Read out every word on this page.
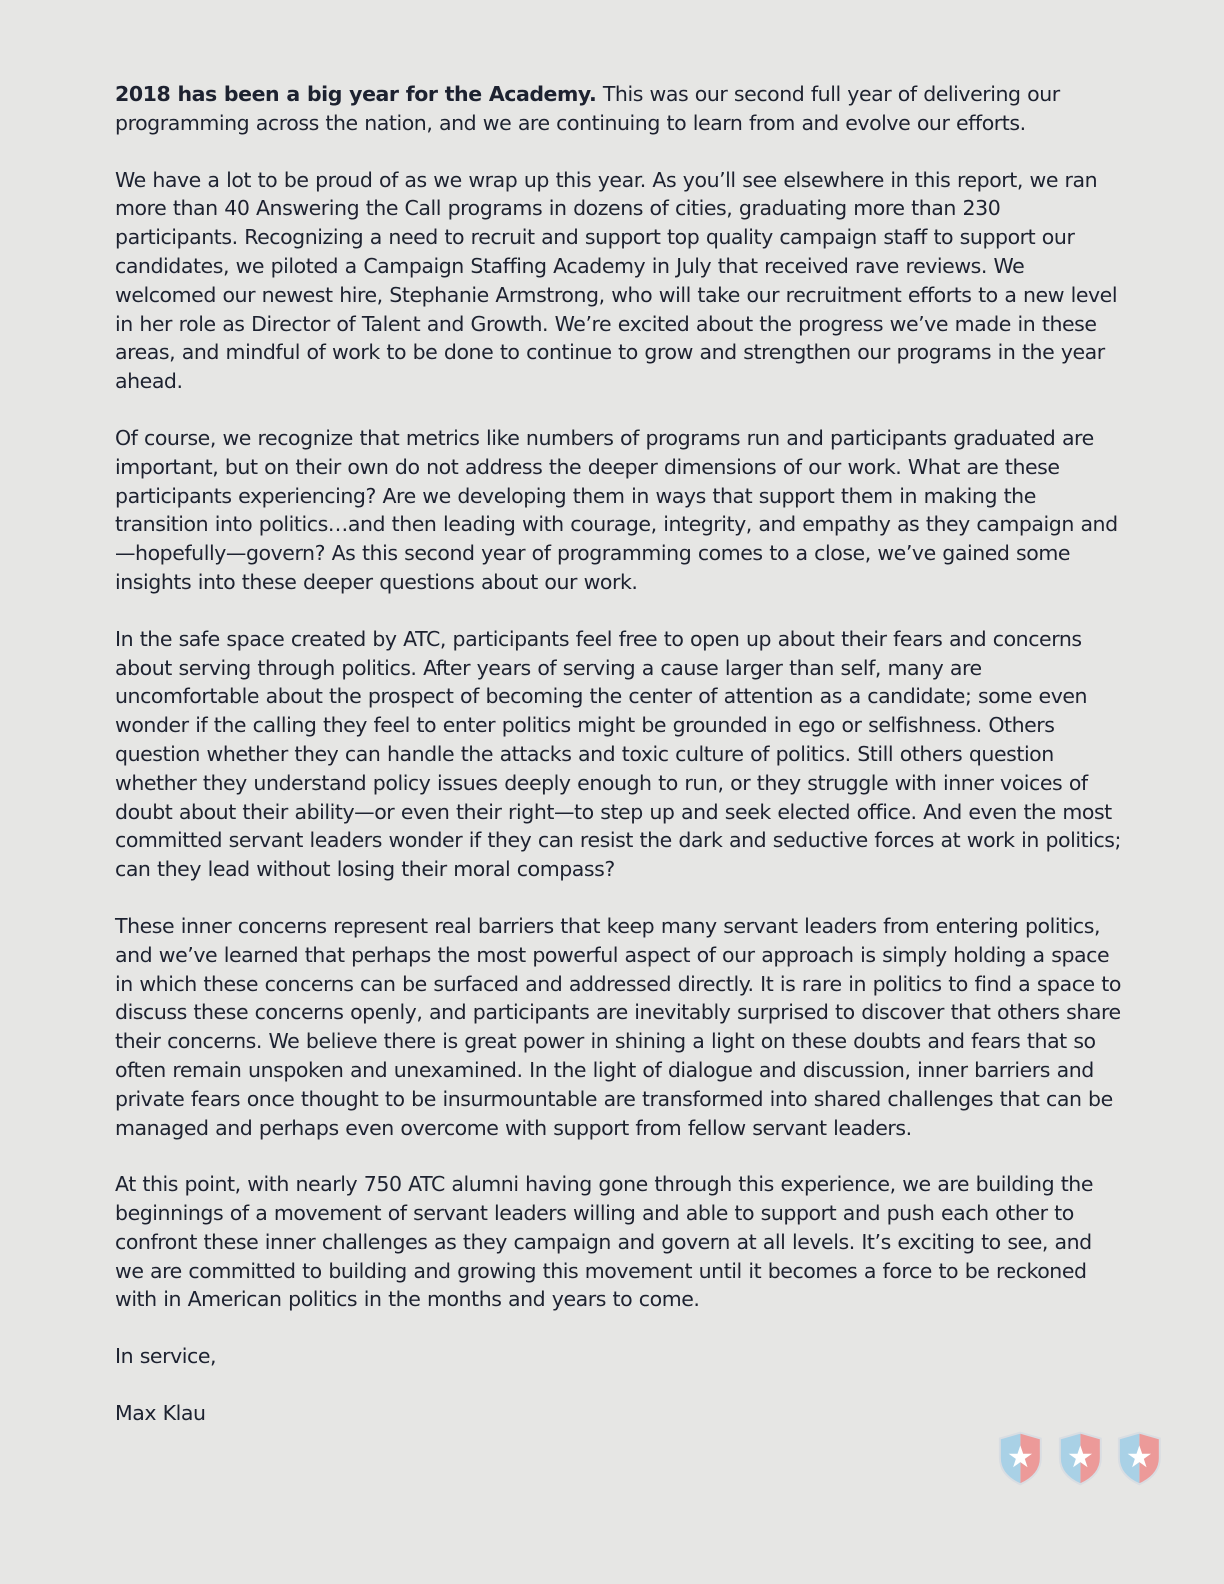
2018 has been a big year for the Academy. This was our second full year of delivering our programming across the nation, and we are continuing to learn from and evolve our efforts.

We have a lot to be proud of as we wrap up this year. As you’ll see elsewhere in this report, we ran more than 40 Answering the Call programs in dozens of cities, graduating more than 230 participants. Recognizing a need to recruit and support top quality campaign staff to support our candidates, we piloted a Campaign Staffing Academy in July that received rave reviews. We welcomed our newest hire, Stephanie Armstrong, who will take our recruitment efforts to a new level in her role as Director of Talent and Growth. We’re excited about the progress we’ve made in these areas, and mindful of work to be done to continue to grow and strengthen our programs in the year ahead.

Of course, we recognize that metrics like numbers of programs run and participants graduated are important, but on their own do not address the deeper dimensions of our work. What are these participants experiencing? Are we developing them in ways that support them in making the transition into politics…and then leading with courage, integrity, and empathy as they campaign and—hopefully—govern? As this second year of programming comes to a close, we’ve gained some insights into these deeper questions about our work.

In the safe space created by ATC, participants feel free to open up about their fears and concerns about serving through politics. After years of serving a cause larger than self, many are uncomfortable about the prospect of becoming the center of attention as a candidate; some even wonder if the calling they feel to enter politics might be grounded in ego or selfishness. Others question whether they can handle the attacks and toxic culture of politics. Still others question whether they understand policy issues deeply enough to run, or they struggle with inner voices of doubt about their ability—or even their right—to step up and seek elected office. And even the most committed servant leaders wonder if they can resist the dark and seductive forces at work in politics; can they lead without losing their moral compass?

These inner concerns represent real barriers that keep many servant leaders from entering politics, and we’ve learned that perhaps the most powerful aspect of our approach is simply holding a space in which these concerns can be surfaced and addressed directly. It is rare in politics to find a space to discuss these concerns openly, and participants are inevitably surprised to discover that others share their concerns. We believe there is great power in shining a light on these doubts and fears that so often remain unspoken and unexamined. In the light of dialogue and discussion, inner barriers and private fears once thought to be insurmountable are transformed into shared challenges that can be managed and perhaps even overcome with support from fellow servant leaders.

At this point, with nearly 750 ATC alumni having gone through this experience, we are building the beginnings of a movement of servant leaders willing and able to support and push each other to confront these inner challenges as they campaign and govern at all levels. It’s exciting to see, and we are committed to building and growing this movement until it becomes a force to be reckoned with in American politics in the months and years to come.

In service,

Max Klau
